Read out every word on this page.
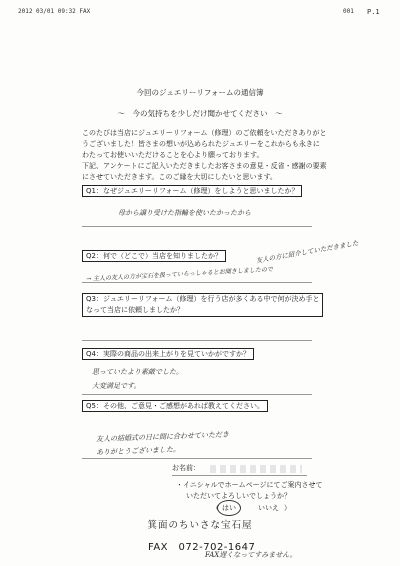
2012 03/01 09:32 FAX	001 P.1
今回のジュエリーリフォームの通信簿
～　今の気持ちを少しだけ聞かせてください　～
このたびは当店にジュエリーリフォーム（修理）のご依頼をいただきありがと
うございました！皆さまの想いが込められたジュエリーをこれからも永きに
わたってお使いいただけることを心より願っております。
下記、アンケートにご記入いただきましたお客さまの意見・反省・感謝の要素
にさせていただきます。このご縁を大切にしたいと思います。
Q1：なぜジュエリーリフォーム（修理）をしようと思いましたか？
母から譲り受けた指輪を使いたかったから
Q2：何で（どこで）当店を知りましたか？	友人の方に紹介していただきました
→ 主人の友人の方が宝石を扱っていらっしゃるとお聞きしましたので
Q3：ジュエリーリフォーム（修理）を行う店が多くある中で何が決め手と
なって当店に依頼しましたか？
Q4：実際の商品の出来上がりを見ていかがですか？
思っていたより素敵でした。
大変満足です。
Q5：その他、ご意見・ご感想があれば教えてください。
友人の結婚式の日に間に合わせていただき
ありがとうございました。
お名前：
・イニシャルでホームページにてご案内させて
いただいてよろしいでしょうか？
（ はい	いいえ ）
箕面のちいさな宝石屋
FAX　072-702-1647
FAX遅くなってすみません。
